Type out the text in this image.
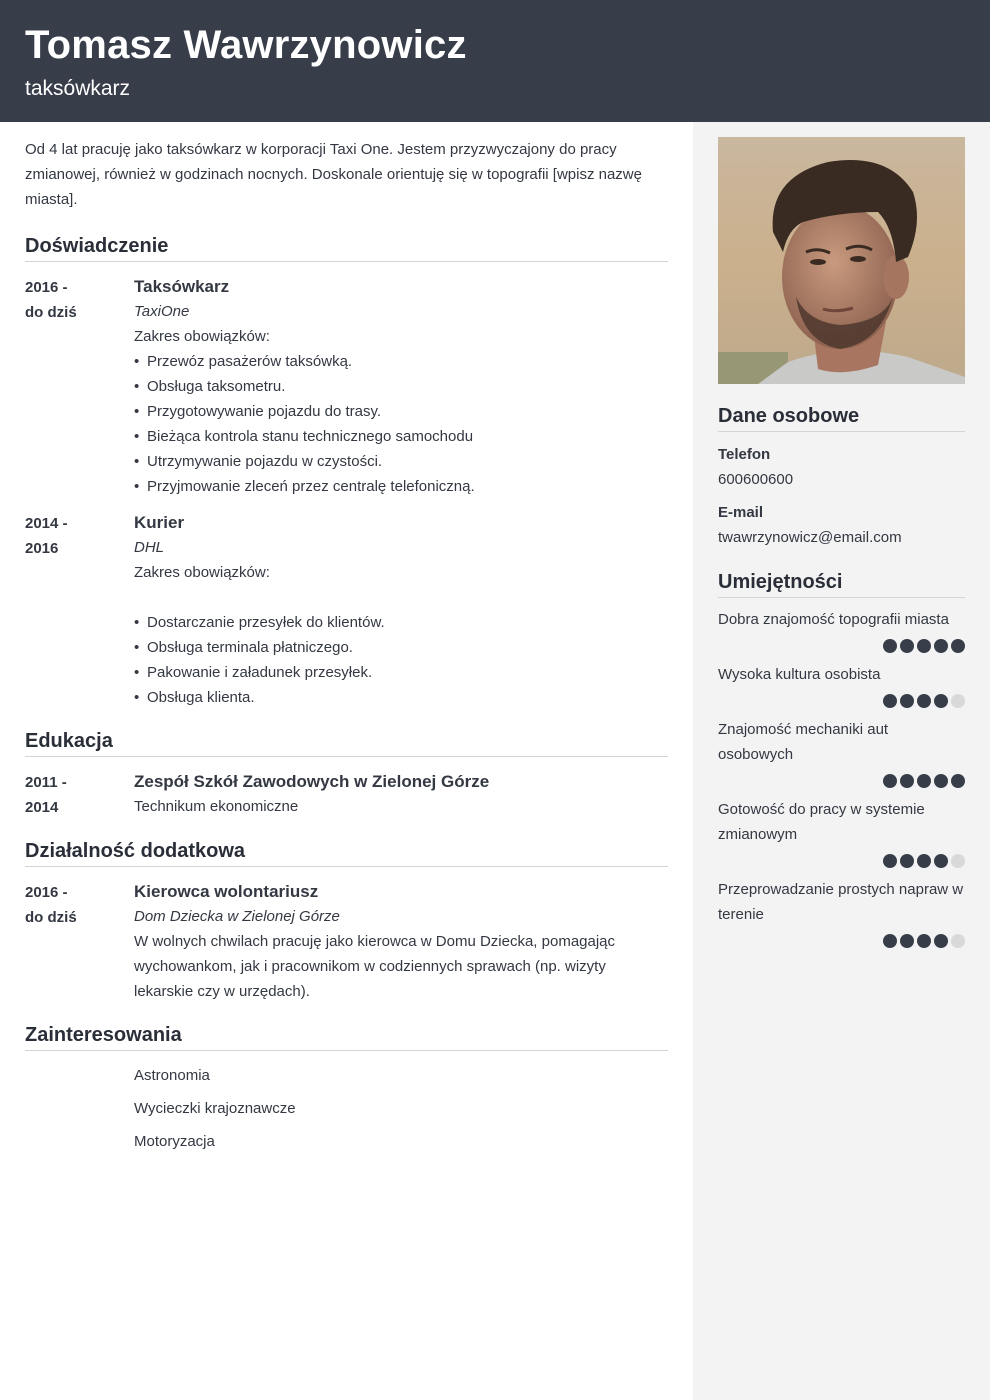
Tomasz Wawrzynowicz
taksówkarz

Od 4 lat pracuję jako taksówkarz w korporacji Taxi One. Jestem przyzwyczajony do pracy zmianowej, również w godzinach nocnych. Doskonale orientuję się w topografii [wpisz nazwę miasta].

Doświadczenie
2016 -
do dziś
Taksówkarz
TaxiOne
Zakres obowiązków:
• Przewóz pasażerów taksówką.
• Obsługa taksometru.
• Przygotowywanie pojazdu do trasy.
• Bieżąca kontrola stanu technicznego samochodu
• Utrzymywanie pojazdu w czystości.
• Przyjmowanie zleceń przez centralę telefoniczną.
2014 -
2016
Kurier
DHL
Zakres obowiązków:
• Dostarczanie przesyłek do klientów.
• Obsługa terminala płatniczego.
• Pakowanie i załadunek przesyłek.
• Obsługa klienta.
Edukacja
2011 -
2014
Zespół Szkół Zawodowych w Zielonej Górze
Technikum ekonomiczne
Działalność dodatkowa
2016 -
do dziś
Kierowca wolontariusz
Dom Dziecka w Zielonej Górze
W wolnych chwilach pracuję jako kierowca w Domu Dziecka, pomagając wychowankom, jak i pracownikom w codziennych sprawach (np. wizyty lekarskie czy w urzędach).
Zainteresowania
Astronomia
Wycieczki krajoznawcze
Motoryzacja
Dane osobowe
Telefon
600600600
E-mail
twawrzynowicz@email.com
Umiejętności
Dobra znajomość topografii miasta
Wysoka kultura osobista
Znajomość mechaniki aut osobowych
Gotowość do pracy w systemie zmianowym
Przeprowadzanie prostych napraw w terenie
